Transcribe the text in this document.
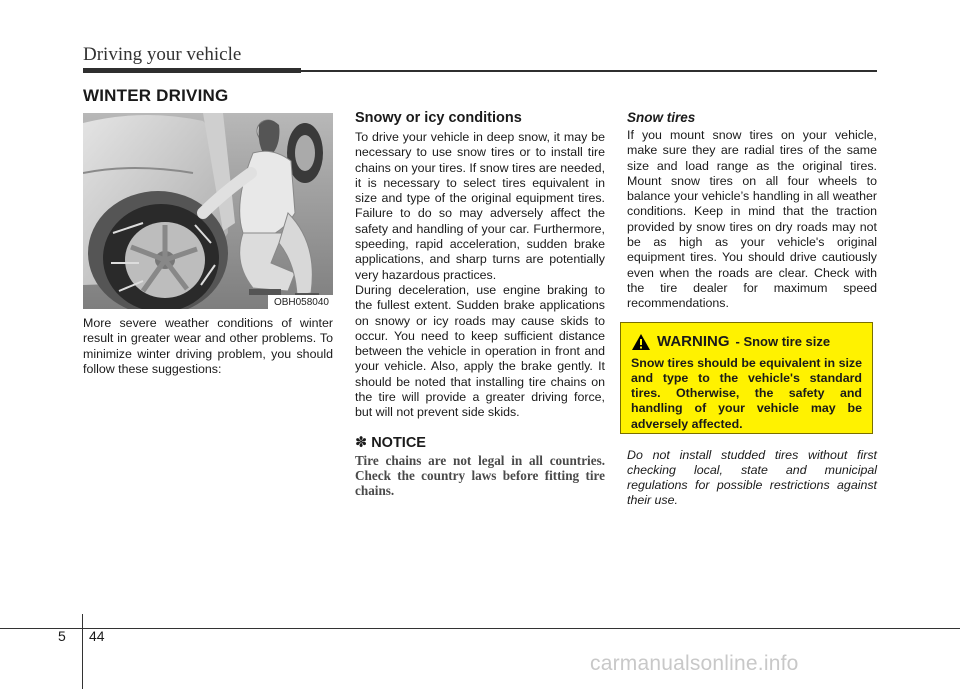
Driving your vehicle
WINTER DRIVING
OBH058040
More severe weather conditions of winter result in greater wear and other problems. To minimize winter driving problem, you should follow these suggestions:
Snowy or icy conditions
To drive your vehicle in deep snow, it may be necessary to use snow tires or to install tire chains on your tires. If snow tires are needed, it is necessary to select tires equivalent in size and type of the original equipment tires. Failure to do so may adversely affect the safety and handling of your car. Furthermore, speeding, rapid acceleration, sudden brake applications, and sharp turns are potentially very hazardous practices.
During deceleration, use engine braking to the fullest extent. Sudden brake applications on snowy or icy roads may cause skids to occur. You need to keep sufficient distance between the vehicle in operation in front and your vehicle. Also, apply the brake gently. It should be noted that installing tire chains on the tire will provide a greater driving force, but will not prevent side skids.
✽ NOTICE
Tire chains are not legal in all countries. Check the country laws before fitting tire chains.
Snow tires
If you mount snow tires on your vehicle, make sure they are radial tires of the same size and load range as the original tires. Mount snow tires on all four wheels to balance your vehicle’s handling in all weather conditions. Keep in mind that the traction provided by snow tires on dry roads may not be as high as your vehicle's original equipment tires. You should drive cautiously even when the roads are clear. Check with the tire dealer for maximum speed recommendations.
WARNING - Snow tire size
Snow tires should be equivalent in size and type to the vehicle's standard tires. Otherwise, the safety and handling of your vehicle may be adversely affected.
Do not install studded tires without first checking local, state and municipal regulations for possible restrictions against their use.
5 44
carmanualsonline.info
